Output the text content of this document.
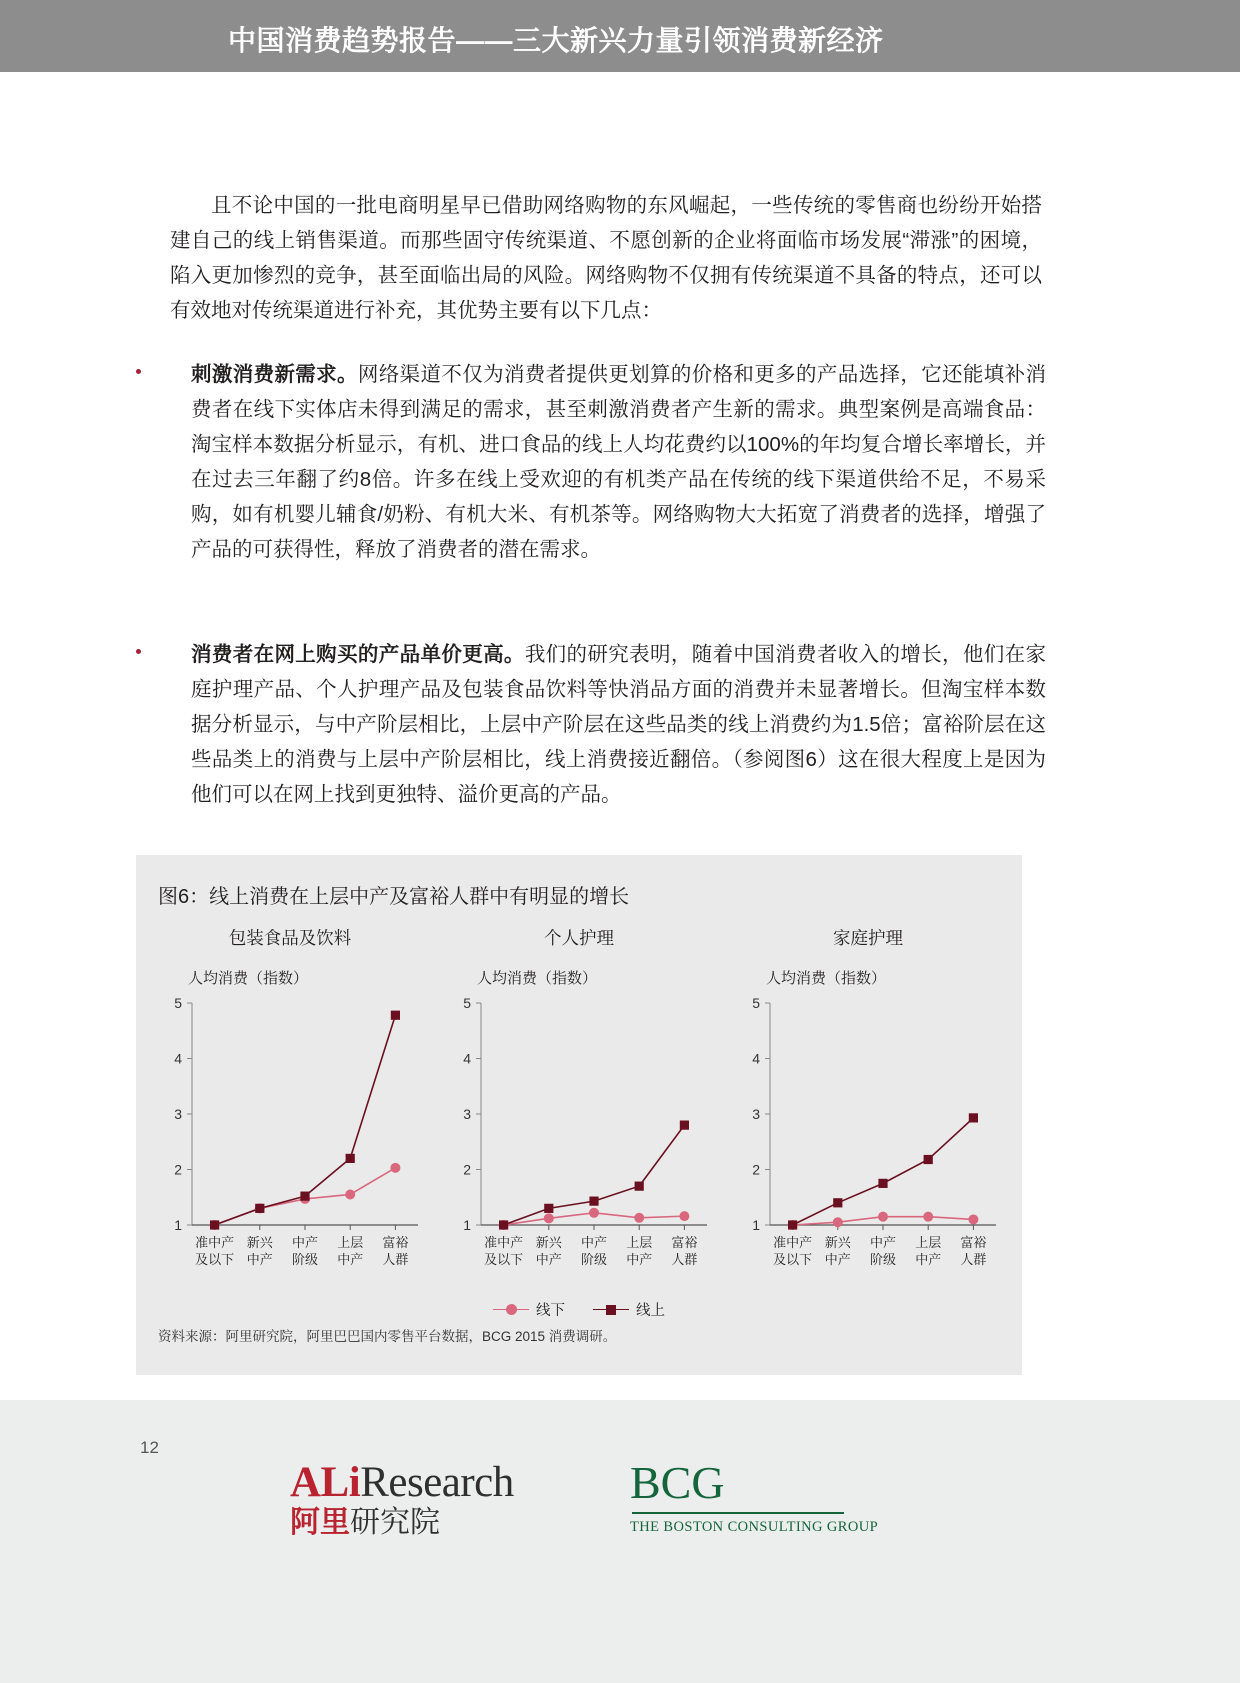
中国消费趋势报告——三大新兴力量引领消费新经济
且不论中国的一批电商明星早已借助网络购物的东风崛起，一些传统的零售商也纷纷开始搭建自己的线上销售渠道。而那些固守传统渠道、不愿创新的企业将面临市场发展“滞涨”的困境，陷入更加惨烈的竞争，甚至面临出局的风险。网络购物不仅拥有传统渠道不具备的特点，还可以有效地对传统渠道进行补充，其优势主要有以下几点：
刺激消费新需求。网络渠道不仅为消费者提供更划算的价格和更多的产品选择，它还能填补消费者在线下实体店未得到满足的需求，甚至刺激消费者产生新的需求。典型案例是高端食品：淘宝样本数据分析显示，有机、进口食品的线上人均花费约以100%的年均复合增长率增长，并在过去三年翻了约8倍。许多在线上受欢迎的有机类产品在传统的线下渠道供给不足，不易采购，如有机婴儿辅食/奶粉、有机大米、有机茶等。网络购物大大拓宽了消费者的选择，增强了产品的可获得性，释放了消费者的潜在需求。
消费者在网上购买的产品单价更高。我们的研究表明，随着中国消费者收入的增长，他们在家庭护理产品、个人护理产品及包装食品饮料等快消品方面的消费并未显著增长。但淘宝样本数据分析显示，与中产阶层相比，上层中产阶层在这些品类的线上消费约为1.5倍；富裕阶层在这些品类上的消费与上层中产阶层相比，线上消费接近翻倍。（参阅图6）这在很大程度上是因为他们可以在网上找到更独特、溢价更高的产品。
图6：线上消费在上层中产及富裕人群中有明显的增长
包装食品及饮料
人均消费（指数）
1
2
3
4
5
准中产
及以下
新兴
中产
中产
阶级
上层
中产
富裕
人群
个人护理
人均消费（指数）
1
2
3
4
5
准中产
及以下
新兴
中产
中产
阶级
上层
中产
富裕
人群
家庭护理
人均消费（指数）
1
2
3
4
5
准中产
及以下
新兴
中产
中产
阶级
上层
中产
富裕
人群
线下	线上
资料来源：阿里研究院，阿里巴巴国内零售平台数据，BCG 2015 消费调研。
12
ALiResearch
阿里研究院
BCG
THE BOSTON CONSULTING GROUP
